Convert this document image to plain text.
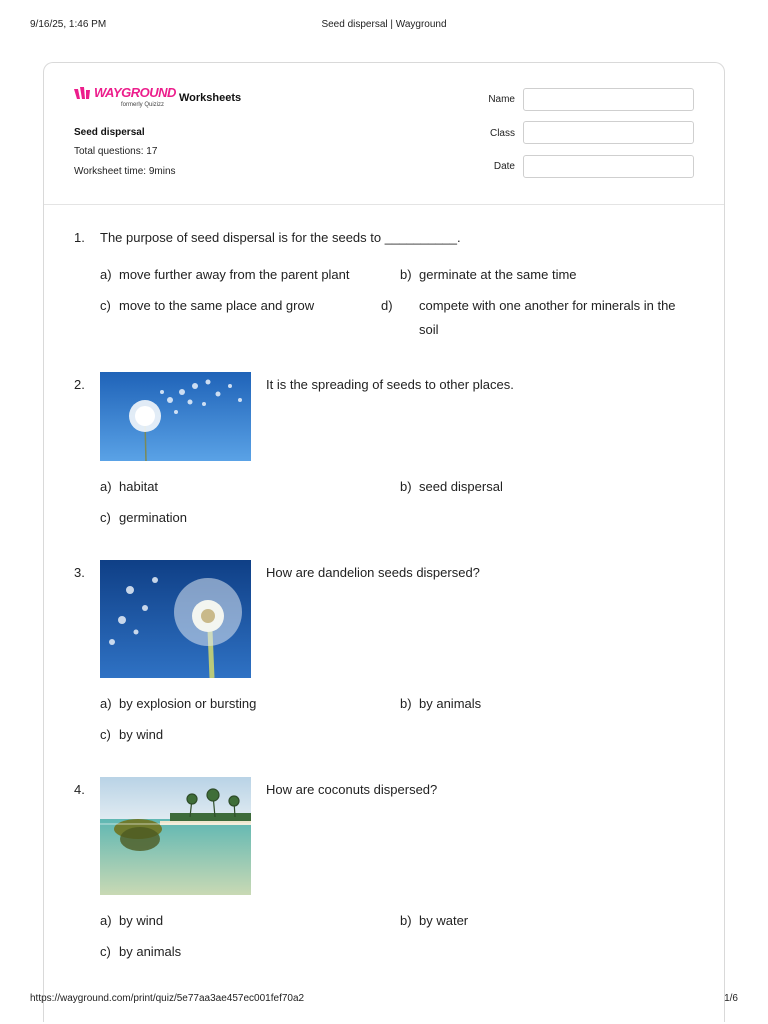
9/16/25, 1:46 PM	Seed dispersal | Wayground
WAYGROUND
formerly Quizizz
Worksheets
Seed dispersal
Total questions: 17
Worksheet time: 9mins
Name
Class
Date
1. The purpose of seed dispersal is for the seeds to __________.
a) move further away from the parent plant	b) germinate at the same time
c) move to the same place and grow	d) compete with one another for minerals in the soil
2.	It is the spreading of seeds to other places.
a) habitat	b) seed dispersal
c) germination
3.	How are dandelion seeds dispersed?
a) by explosion or bursting	b) by animals
c) by wind
4.	How are coconuts dispersed?
a) by wind	b) by water
c) by animals
https://wayground.com/print/quiz/5e77aa3ae457ec001fef70a2	1/6
